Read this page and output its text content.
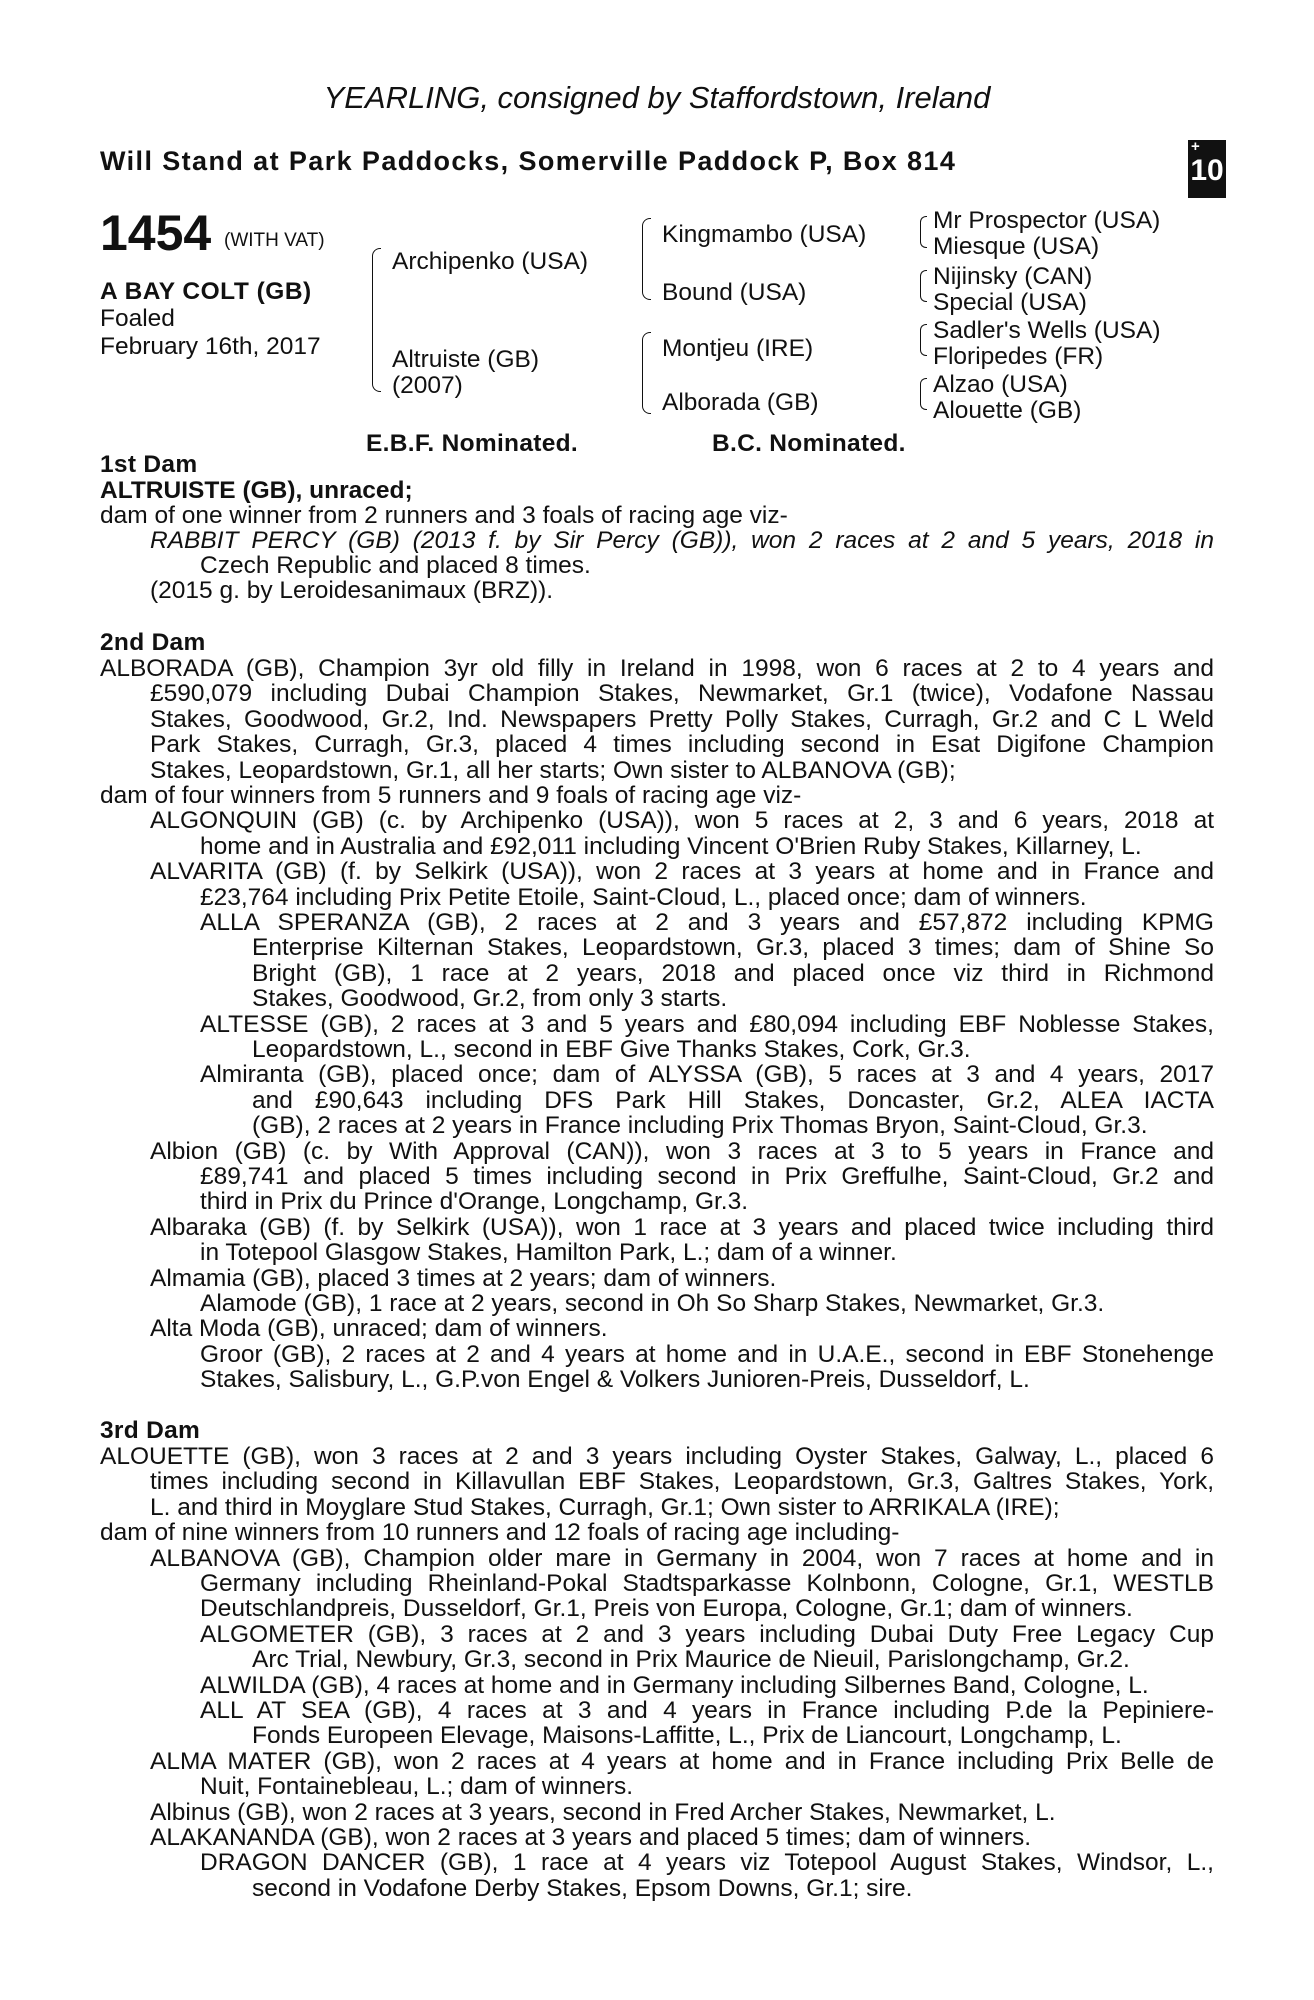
YEARLING, consigned by Staffordstown, Ireland
Will Stand at Park Paddocks, Somerville Paddock P, Box 814	+
10
1454 (WITH VAT)
A BAY COLT (GB)
Foaled
February 16th, 2017
Archipenko (USA)
Altruiste (GB)
(2007)
Kingmambo (USA)
Bound (USA)
Montjeu (IRE)
Alborada (GB)
Mr Prospector (USA)
Miesque (USA)
Nijinsky (CAN)
Special (USA)
Sadler's Wells (USA)
Floripedes (FR)
Alzao (USA)
Alouette (GB)
E.B.F. Nominated.	B.C. Nominated.
1st Dam
ALTRUISTE (GB), unraced;
dam of one winner from 2 runners and 3 foals of racing age viz-
RABBIT PERCY (GB) (2013 f. by Sir Percy (GB)), won 2 races at 2 and 5 years, 2018 in
Czech Republic and placed 8 times.
(2015 g. by Leroidesanimaux (BRZ)).
2nd Dam
ALBORADA (GB), Champion 3yr old filly in Ireland in 1998, won 6 races at 2 to 4 years and
£590,079 including Dubai Champion Stakes, Newmarket, Gr.1 (twice), Vodafone Nassau
Stakes, Goodwood, Gr.2, Ind. Newspapers Pretty Polly Stakes, Curragh, Gr.2 and C L Weld
Park Stakes, Curragh, Gr.3, placed 4 times including second in Esat Digifone Champion
Stakes, Leopardstown, Gr.1, all her starts; Own sister to ALBANOVA (GB);
dam of four winners from 5 runners and 9 foals of racing age viz-
ALGONQUIN (GB) (c. by Archipenko (USA)), won 5 races at 2, 3 and 6 years, 2018 at
home and in Australia and £92,011 including Vincent O'Brien Ruby Stakes, Killarney, L.
ALVARITA (GB) (f. by Selkirk (USA)), won 2 races at 3 years at home and in France and
£23,764 including Prix Petite Etoile, Saint-Cloud, L., placed once; dam of winners.
ALLA SPERANZA (GB), 2 races at 2 and 3 years and £57,872 including KPMG
Enterprise Kilternan Stakes, Leopardstown, Gr.3, placed 3 times; dam of Shine So
Bright (GB), 1 race at 2 years, 2018 and placed once viz third in Richmond
Stakes, Goodwood, Gr.2, from only 3 starts.
ALTESSE (GB), 2 races at 3 and 5 years and £80,094 including EBF Noblesse Stakes,
Leopardstown, L., second in EBF Give Thanks Stakes, Cork, Gr.3.
Almiranta (GB), placed once; dam of ALYSSA (GB), 5 races at 3 and 4 years, 2017
and £90,643 including DFS Park Hill Stakes, Doncaster, Gr.2, ALEA IACTA
(GB), 2 races at 2 years in France including Prix Thomas Bryon, Saint-Cloud, Gr.3.
Albion (GB) (c. by With Approval (CAN)), won 3 races at 3 to 5 years in France and
£89,741 and placed 5 times including second in Prix Greffulhe, Saint-Cloud, Gr.2 and
third in Prix du Prince d'Orange, Longchamp, Gr.3.
Albaraka (GB) (f. by Selkirk (USA)), won 1 race at 3 years and placed twice including third
in Totepool Glasgow Stakes, Hamilton Park, L.; dam of a winner.
Almamia (GB), placed 3 times at 2 years; dam of winners.
Alamode (GB), 1 race at 2 years, second in Oh So Sharp Stakes, Newmarket, Gr.3.
Alta Moda (GB), unraced; dam of winners.
Groor (GB), 2 races at 2 and 4 years at home and in U.A.E., second in EBF Stonehenge
Stakes, Salisbury, L., G.P.von Engel & Volkers Junioren-Preis, Dusseldorf, L.
3rd Dam
ALOUETTE (GB), won 3 races at 2 and 3 years including Oyster Stakes, Galway, L., placed 6
times including second in Killavullan EBF Stakes, Leopardstown, Gr.3, Galtres Stakes, York,
L. and third in Moyglare Stud Stakes, Curragh, Gr.1; Own sister to ARRIKALA (IRE);
dam of nine winners from 10 runners and 12 foals of racing age including-
ALBANOVA (GB), Champion older mare in Germany in 2004, won 7 races at home and in
Germany including Rheinland-Pokal Stadtsparkasse Kolnbonn, Cologne, Gr.1, WESTLB
Deutschlandpreis, Dusseldorf, Gr.1, Preis von Europa, Cologne, Gr.1; dam of winners.
ALGOMETER (GB), 3 races at 2 and 3 years including Dubai Duty Free Legacy Cup
Arc Trial, Newbury, Gr.3, second in Prix Maurice de Nieuil, Parislongchamp, Gr.2.
ALWILDA (GB), 4 races at home and in Germany including Silbernes Band, Cologne, L.
ALL AT SEA (GB), 4 races at 3 and 4 years in France including P.de la Pepiniere-
Fonds Europeen Elevage, Maisons-Laffitte, L., Prix de Liancourt, Longchamp, L.
ALMA MATER (GB), won 2 races at 4 years at home and in France including Prix Belle de
Nuit, Fontainebleau, L.; dam of winners.
Albinus (GB), won 2 races at 3 years, second in Fred Archer Stakes, Newmarket, L.
ALAKANANDA (GB), won 2 races at 3 years and placed 5 times; dam of winners.
DRAGON DANCER (GB), 1 race at 4 years viz Totepool August Stakes, Windsor, L.,
second in Vodafone Derby Stakes, Epsom Downs, Gr.1; sire.
